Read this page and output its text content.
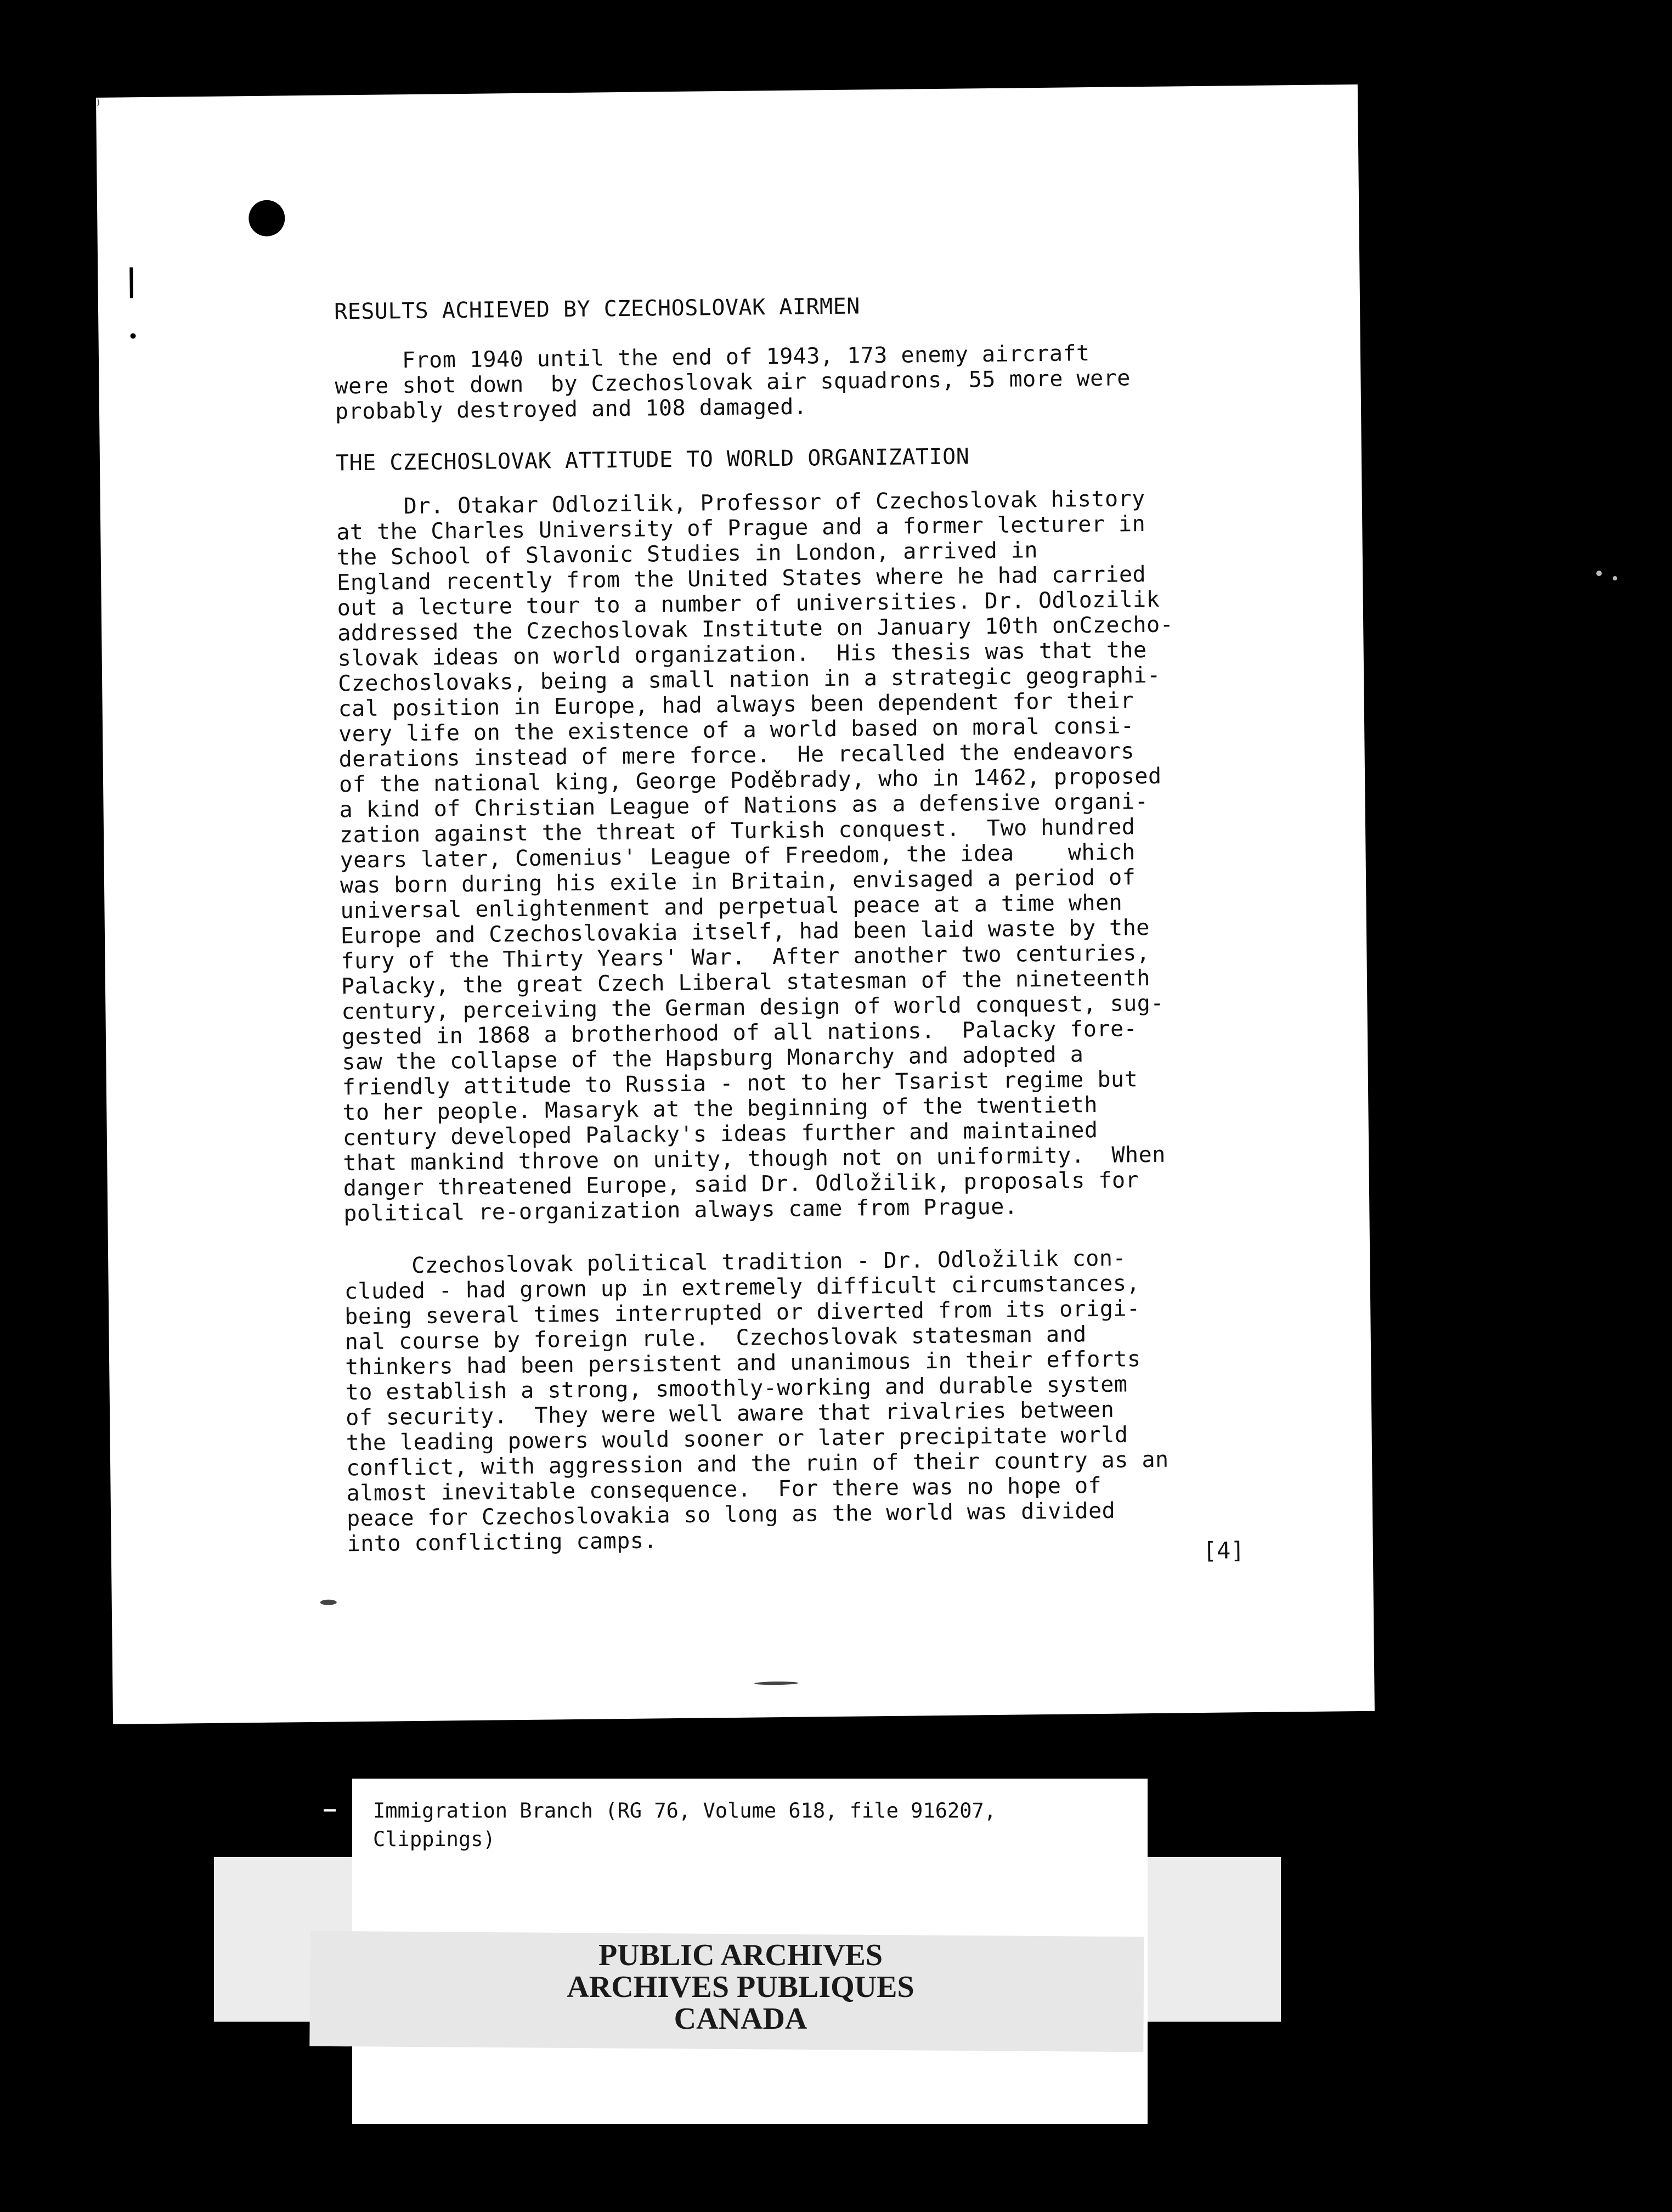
RESULTS ACHIEVED BY CZECHOSLOVAK AIRMEN
From 1940 until the end of 1943, 173 enemy aircraft
were shot down  by Czechoslovak air squadrons, 55 more were
probably destroyed and 108 damaged.
THE CZECHOSLOVAK ATTITUDE TO WORLD ORGANIZATION
Dr. Otakar Odlozilik, Professor of Czechoslovak history
at the Charles University of Prague and a former lecturer in
the School of Slavonic Studies in London, arrived in
England recently from the United States where he had carried
out a lecture tour to a number of universities. Dr. Odlozilik
addressed the Czechoslovak Institute on January 10th onCzecho-
slovak ideas on world organization.  His thesis was that the
Czechoslovaks, being a small nation in a strategic geographi-
cal position in Europe, had always been dependent for their
very life on the existence of a world based on moral consi-
derations instead of mere force.  He recalled the endeavors
of the national king, George Poděbrady, who in 1462, proposed
a kind of Christian League of Nations as a defensive organi-
zation against the threat of Turkish conquest.  Two hundred
years later, Comenius' League of Freedom, the idea    which
was born during his exile in Britain, envisaged a period of
universal enlightenment and perpetual peace at a time when
Europe and Czechoslovakia itself, had been laid waste by the
fury of the Thirty Years' War.  After another two centuries,
Palacky, the great Czech Liberal statesman of the nineteenth
century, perceiving the German design of world conquest, sug-
gested in 1868 a brotherhood of all nations.  Palacky fore-
saw the collapse of the Hapsburg Monarchy and adopted a
friendly attitude to Russia - not to her Tsarist regime but
to her people. Masaryk at the beginning of the twentieth
century developed Palacky's ideas further and maintained
that mankind throve on unity, though not on uniformity.  When
danger threatened Europe, said Dr. Odložilik, proposals for
political re-organization always came from Prague.
Czechoslovak political tradition - Dr. Odložilik con-
cluded - had grown up in extremely difficult circumstances,
being several times interrupted or diverted from its origi-
nal course by foreign rule.  Czechoslovak statesman and
thinkers had been persistent and unanimous in their efforts
to establish a strong, smoothly-working and durable system
of security.  They were well aware that rivalries between
the leading powers would sooner or later precipitate world
conflict, with aggression and the ruin of their country as an
almost inevitable consequence.  For there was no hope of
peace for Czechoslovakia so long as the world was divided
into conflicting camps.
}
[4]
Immigration Branch (RG 76, Volume 618, file 916207,
Clippings)
PUBLIC ARCHIVES
ARCHIVES PUBLIQUES
CANADA
